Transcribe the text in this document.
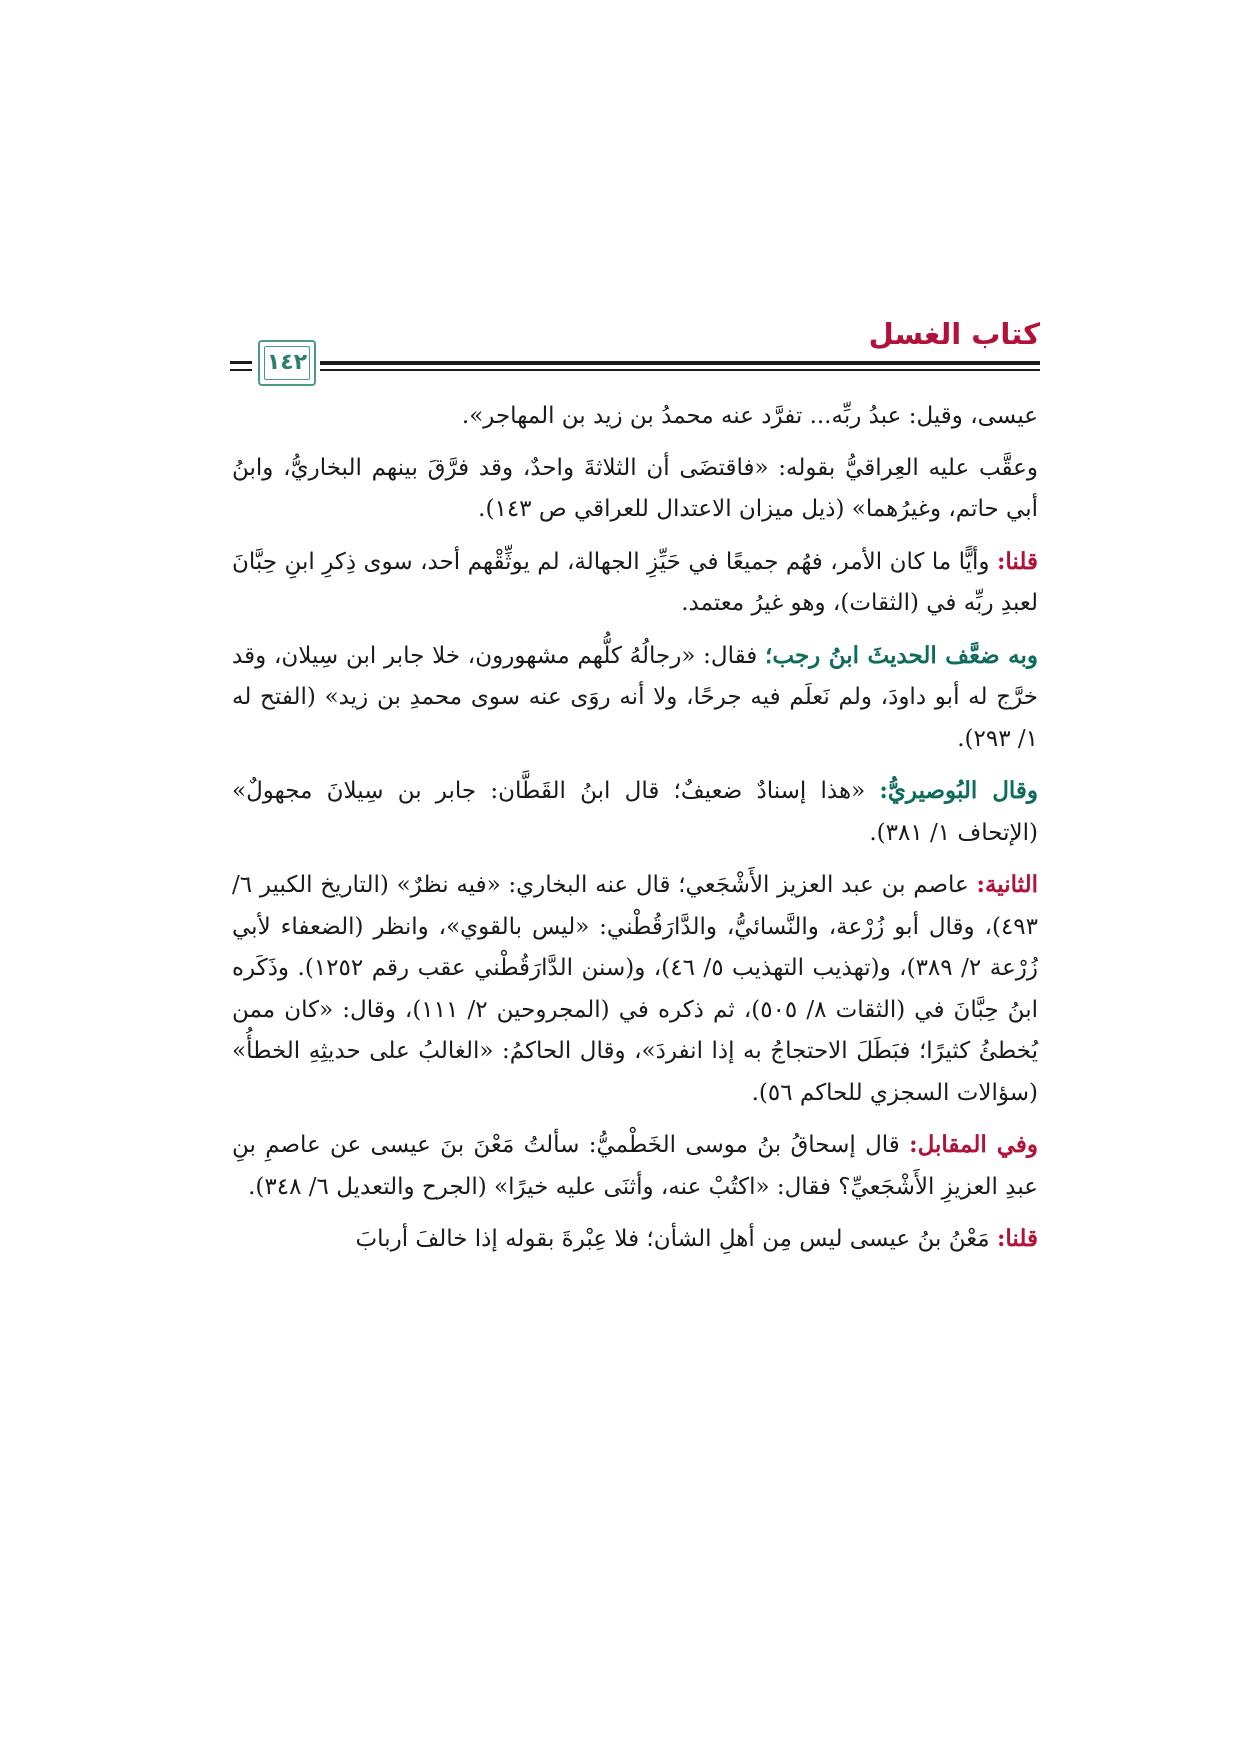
كتاب الغسل
١٤٢

عيسى، وقيل: عبدُ ربِّه... تفرَّد عنه محمدُ بن زيد بن المهاجر».

وعقَّب عليه العِراقيُّ بقوله: «فاقتضَى أن الثلاثةَ واحدٌ، وقد فرَّقَ بينهم البخاريُّ، وابنُ أبي حاتم، وغيرُهما» (ذيل ميزان الاعتدال للعراقي ص ١٤٣).

قلنا: وأيًّا ما كان الأمر، فهُم جميعًا في حَيِّزِ الجهالة، لم يوثِّقْهم أحد، سوى ذِكرِ ابنِ حِبَّانَ لعبدِ ربِّه في (الثقات)، وهو غيرُ معتمد.

وبه ضعَّف الحديثَ ابنُ رجب؛ فقال: «رجالُهُ كلُّهم مشهورون، خلا جابر ابن سِيلان، وقد خرَّج له أبو داودَ، ولم نَعلَم فيه جرحًا، ولا أنه روَى عنه سوى محمدِ بن زيد» (الفتح له ١/ ٢٩٣).

وقال البُوصيريُّ: «هذا إسنادٌ ضعيفٌ؛ قال ابنُ القَطَّان: جابر بن سِيلانَ مجهولٌ» (الإتحاف ١/ ٣٨١).

الثانية: عاصم بن عبد العزيز الأَشْجَعي؛ قال عنه البخاري: «فيه نظرٌ» (التاريخ الكبير ٦/ ٤٩٣)، وقال أبو زُرْعة، والنَّسائيُّ، والدَّارَقُطْني: «ليس بالقوي»، وانظر (الضعفاء لأبي زُرْعة ٢/ ٣٨٩)، و(تهذيب التهذيب ٥/ ٤٦)، و(سنن الدَّارَقُطْني عقب رقم ١٢٥٢). وذَكَره ابنُ حِبَّانَ في (الثقات ٨/ ٥٠٥)، ثم ذكره في (المجروحين ٢/ ١١١)، وقال: «كان ممن يُخطئُ كثيرًا؛ فبَطَلَ الاحتجاجُ به إذا انفردَ»، وقال الحاكمُ: «الغالبُ على حديثِهِ الخطأُ» (سؤالات السجزي للحاكم ٥٦).

وفي المقابل: قال إسحاقُ بنُ موسى الخَطْميُّ: سألتُ مَعْنَ بنَ عيسى عن عاصمِ بنِ عبدِ العزيزِ الأَشْجَعيِّ؟ فقال: «اكتُبْ عنه، وأثنَى عليه خيرًا» (الجرح والتعديل ٦/ ٣٤٨).

قلنا: مَعْنُ بنُ عيسى ليس مِن أهلِ الشأن؛ فلا عِبْرةَ بقوله إذا خالفَ أربابَ
